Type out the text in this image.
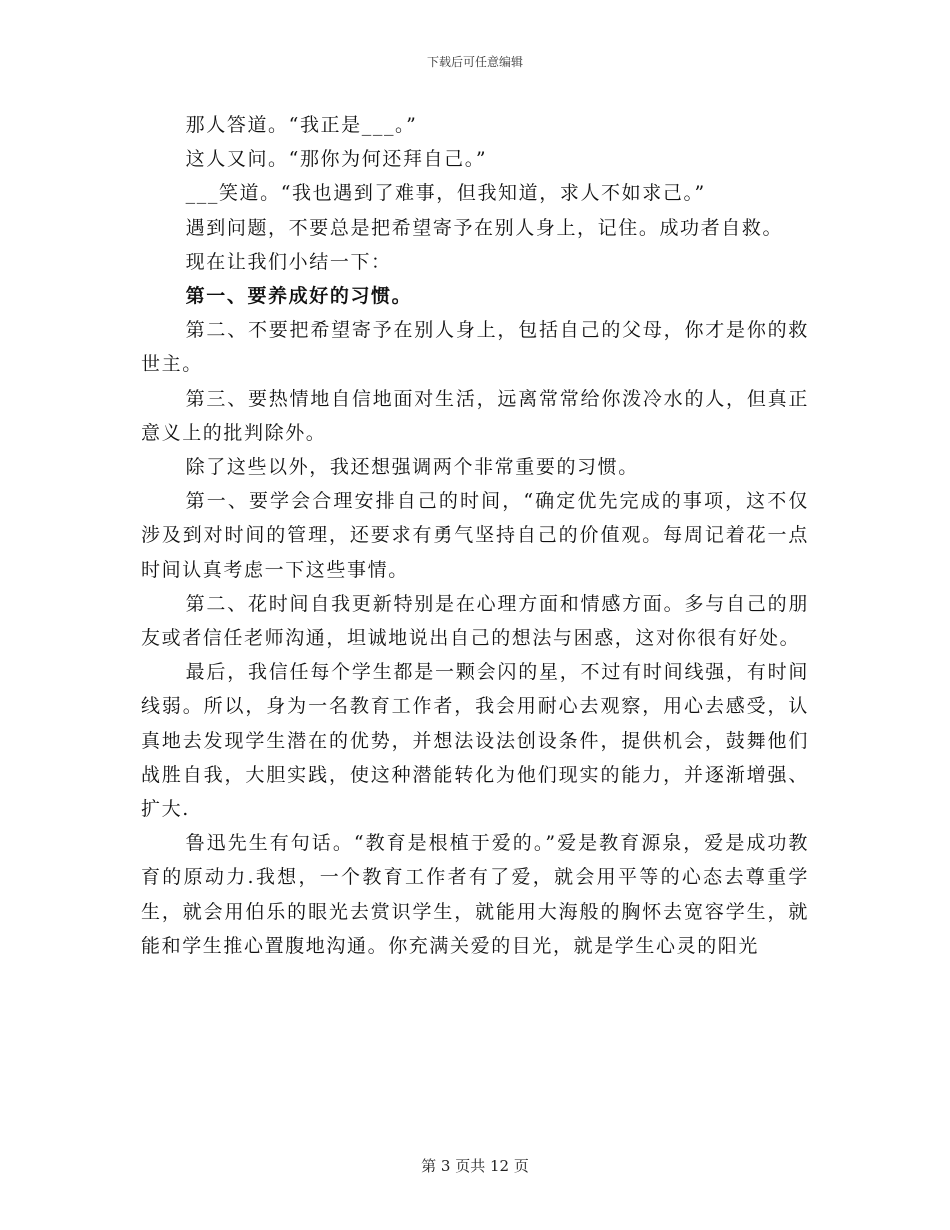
下载后可任意编辑

那人答道。“我正是___。”

这人又问。“那你为何还拜自己。”

___笑道。“我也遇到了难事，但我知道，求人不如求己。”

遇到问题，不要总是把希望寄予在别人身上，记住。成功者自救。

现在让我们小结一下：

第一、要养成好的习惯。

第二、不要把希望寄予在别人身上，包括自己的父母，你才是你的救世主。

第三、要热情地自信地面对生活，远离常常给你泼冷水的人，但真正意义上的批判除外。

除了这些以外，我还想强调两个非常重要的习惯。

第一、要学会合理安排自己的时间，“确定优先完成的事项，这不仅涉及到对时间的管理，还要求有勇气坚持自己的价值观。每周记着花一点时间认真考虑一下这些事情。

第二、花时间自我更新特别是在心理方面和情感方面。多与自己的朋友或者信任老师沟通，坦诚地说出自己的想法与困惑，这对你很有好处。

最后，我信任每个学生都是一颗会闪的星，不过有时间线强，有时间线弱。所以，身为一名教育工作者，我会用耐心去观察，用心去感受，认真地去发现学生潜在的优势，并想法设法创设条件，提供机会，鼓舞他们战胜自我，大胆实践，使这种潜能转化为他们现实的能力，并逐渐增强、扩大.

鲁迅先生有句话。“教育是根植于爱的。”爱是教育源泉，爱是成功教育的原动力.我想，一个教育工作者有了爱，就会用平等的心态去尊重学生，就会用伯乐的眼光去赏识学生，就能用大海般的胸怀去宽容学生，就能和学生推心置腹地沟通。你充满关爱的目光，就是学生心灵的阳光

第 3 页共 12 页
